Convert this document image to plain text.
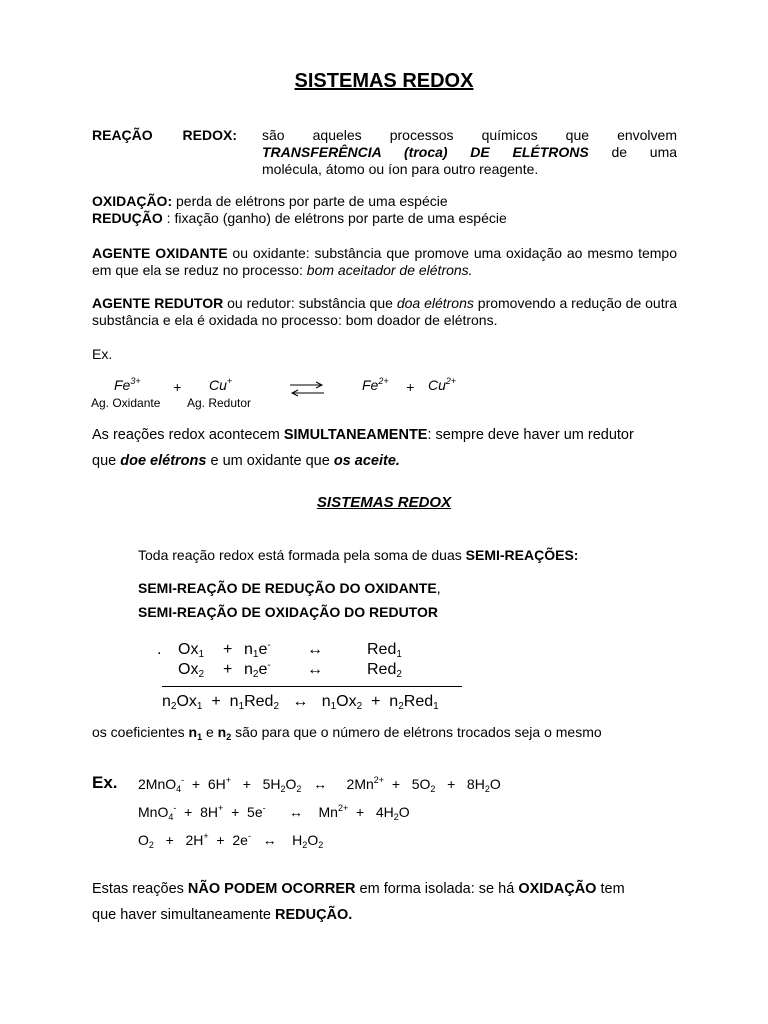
SISTEMAS REDOX
REAÇÃO REDOX: são aqueles processos químicos que envolvem
TRANSFERÊNCIA (troca) DE ELÉTRONS de uma
molécula, átomo ou íon para outro reagente.
OXIDAÇÃO: perda de elétrons por parte de uma espécie
REDUÇÃO : fixação (ganho) de elétrons por parte de uma espécie
AGENTE OXIDANTE ou oxidante: substância que promove uma oxidação ao mesmo tempo em que ela se reduz no processo: bom aceitador de elétrons.
AGENTE REDUTOR ou redutor: substância que doa elétrons promovendo a redução de outra substância e ela é oxidada no processo: bom doador de elétrons.
Ex.
$Fe^{3+} + Cu^+$	$Fe^{2+} + Cu^{2+}$
Ag. Oxidante Ag. Redutor
As reações redox acontecem SIMULTANEAMENTE: sempre deve haver um redutor
que doe elétrons e um oxidante que os aceite.
SISTEMAS REDOX
Toda reação redox está formada pela soma de duas SEMI-REAÇÕES:
SEMI-REAÇÃO DE REDUÇÃO DO OXIDANTE,
SEMI-REAÇÃO DE OXIDAÇÃO DO REDUTOR
. $Ox_1 + n_1e^-$ ↔	Red$_1$
$Ox_2 + n_2e^-$ ↔	Red$_2$
$n_2Ox_1 + n_1Red_2$ ↔ $n_1Ox_2 + n_2Red_1$
os coeficientes $n_1$ e $n_2$ são para que o número de elétrons trocados seja o mesmo
Ex. $2MnO_4^- + 6H^+ + 5H_2O_2$ ↔ $2Mn^{2+} + 5O_2 + 8H_2O$
MnO$_4$- + 8H+ + 5e- ↔ $Mn^{2+} + 4H_2O$
$O_2 + 2H^+ + 2e^-$ ↔ $H_2O_2$
Estas reações NÃO PODEM OCORRER em forma isolada: se há OXIDAÇÃO tem
que haver simultaneamente REDUÇÃO.
